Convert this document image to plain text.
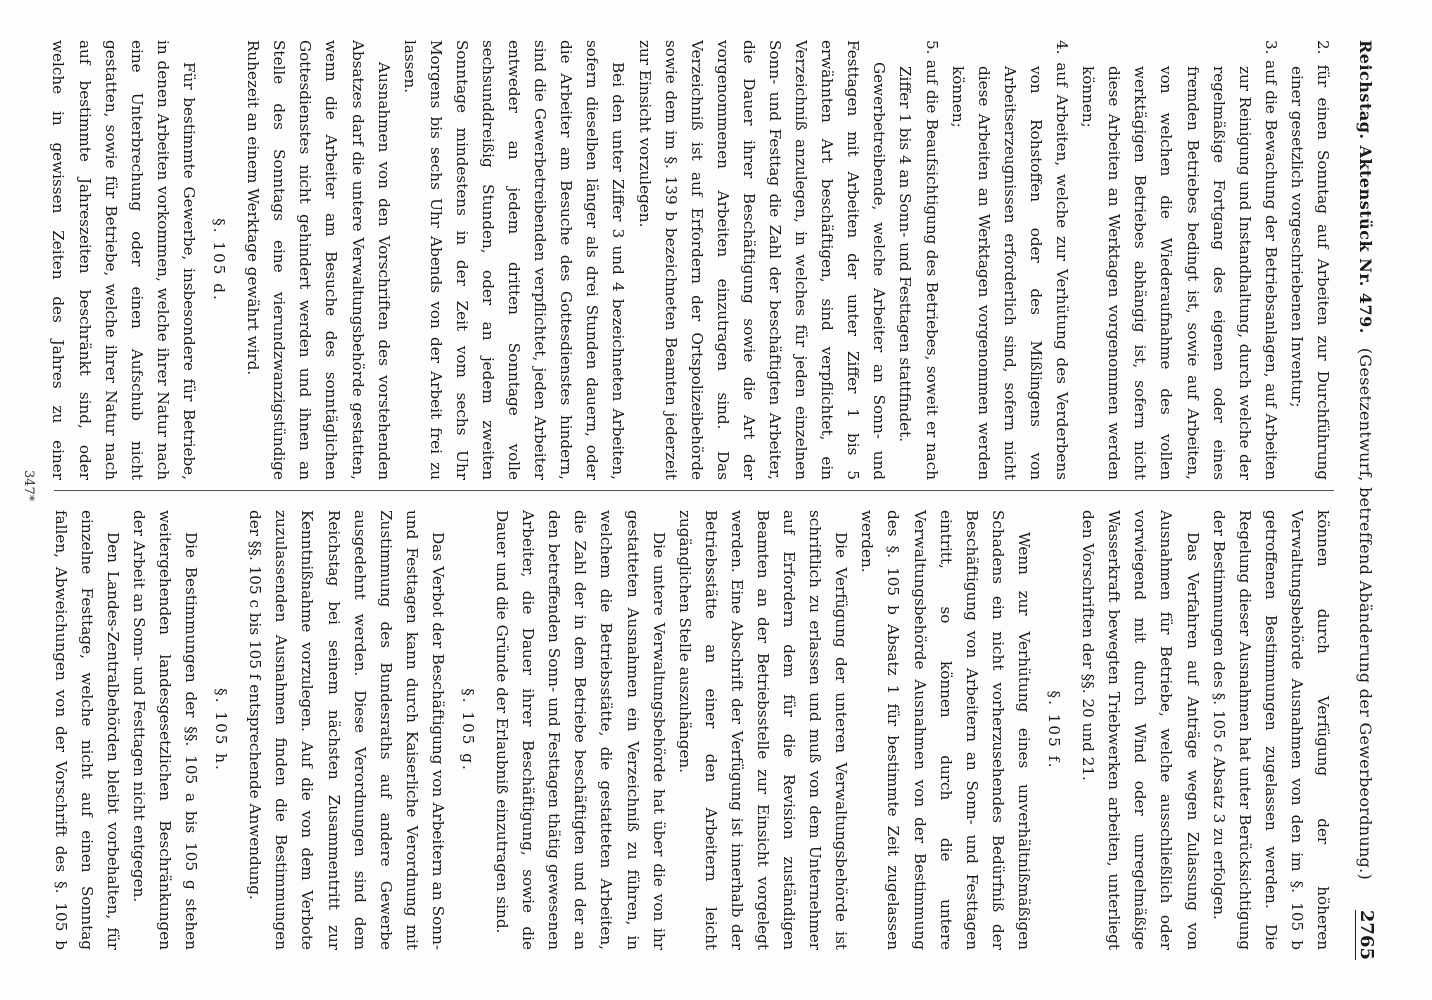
Reichstag. Aktenstück Nr. 479.
(Gesetzentwurf, betreffend Abänderung der Gewerbeordnung.)
2765

2. für einen Sonntag auf Arbeiten zur Durchführung einer gesetzlich vorgeschriebenen Inventur;

3. auf die Bewachung der Betriebsanlagen, auf Arbeiten zur Reinigung und Instandhaltung, durch welche der regelmäßige Fortgang des eigenen oder eines fremden Betriebes bedingt ist, sowie auf Arbeiten, von welchen die Wiederaufnahme des vollen werktägigen Betriebes abhängig ist, sofern nicht diese Arbeiten an Werktagen vorgenommen werden können;

4. auf Arbeiten, welche zur Verhütung des Verderbens von Rohstoffen oder des Mißlingens von Arbeitserzeugnissen erforderlich sind, sofern nicht diese Arbeiten an Werktagen vorgenommen werden können;

5. auf die Beaufsichtigung des Betriebes, soweit er nach Ziffer 1 bis 4 an Sonn- und Festtagen stattfindet.

Gewerbetreibende, welche Arbeiter an Sonn- und Festtagen mit Arbeiten der unter Ziffer 1 bis 5 erwähnten Art beschäftigen, sind verpflichtet, ein Verzeichniß anzulegen, in welches für jeden einzelnen Sonn- und Festtag die Zahl der beschäftigten Arbeiter, die Dauer ihrer Beschäftigung sowie die Art der vorgenommenen Arbeiten einzutragen sind. Das Verzeichniß ist auf Erfordern der Ortspolizeibehörde sowie dem im §. 139 b bezeichneten Beamten jederzeit zur Einsicht vorzulegen.

Bei den unter Ziffer 3 und 4 bezeichneten Arbeiten, sofern dieselben länger als drei Stunden dauern, oder die Arbeiter am Besuche des Gottesdienstes hindern, sind die Gewerbetreibenden verpflichtet, jeden Arbeiter entweder an jedem dritten Sonntage volle sechsunddreißig Stunden, oder an jedem zweiten Sonntage mindestens in der Zeit vom sechs Uhr Morgens bis sechs Uhr Abends von der Arbeit frei zu lassen.

Ausnahmen von den Vorschriften des vorstehenden Absatzes darf die untere Verwaltungsbehörde gestatten, wenn die Arbeiter am Besuche des sonntäglichen Gottesdienstes nicht gehindert werden und ihnen an Stelle des Sonntags eine vierundzwanzigstündige Ruhezeit an einem Werktage gewährt wird.

§. 105 d.

Für bestimmte Gewerbe, insbesondere für Betriebe, in denen Arbeiten vorkommen, welche ihrer Natur nach eine Unterbrechung oder einen Aufschub nicht gestatten, sowie für Betriebe, welche ihrer Natur nach auf bestimmte Jahreszeiten beschränkt sind, oder welche in gewissen Zeiten des Jahres zu einer

können durch Verfügung der höheren Verwaltungsbehörde Ausnahmen von den im §. 105 b getroffenen Bestimmungen zugelassen werden. Die Regelung dieser Ausnahmen hat unter Berücksichtigung der Bestimmungen des §. 105 c Absatz 3 zu erfolgen.

Das Verfahren auf Anträge wegen Zulassung von Ausnahmen für Betriebe, welche ausschließlich oder vorwiegend mit durch Wind oder unregelmäßige Wasserkraft bewegten Triebwerken arbeiten, unterliegt den Vorschriften der §§. 20 und 21.

§. 105 f.

Wenn zur Verhütung eines unverhältnißmäßigen Schadens ein nicht vorherzusehendes Bedürfniß der Beschäftigung von Arbeitern an Sonn- und Festtagen eintritt, so können durch die untere Verwaltungsbehörde Ausnahmen von der Bestimmung des §. 105 b Absatz 1 für bestimmte Zeit zugelassen werden.

Die Verfügung der unteren Verwaltungsbehörde ist schriftlich zu erlassen und muß von dem Unternehmer auf Erfordern dem für die Revision zuständigen Beamten an der Betriebsstelle zur Einsicht vorgelegt werden. Eine Abschrift der Verfügung ist innerhalb der Betriebsstätte an einer den Arbeitern leicht zugänglichen Stelle auszuhängen.

Die untere Verwaltungsbehörde hat über die von ihr gestatteten Ausnahmen ein Verzeichniß zu führen, in welchem die Betriebsstätte, die gestatteten Arbeiten, die Zahl der in dem Betriebe beschäftigten und der an den betreffenden Sonn- und Festtagen thätig gewesenen Arbeiter, die Dauer ihrer Beschäftigung, sowie die Dauer und die Gründe der Erlaubniß einzutragen sind.

§. 105 g.

Das Verbot der Beschäftigung von Arbeitern an Sonn- und Festtagen kann durch Kaiserliche Verordnung mit Zustimmung des Bundesraths auf andere Gewerbe ausgedehnt werden. Diese Verordnungen sind dem Reichstag bei seinem nächsten Zusammentritt zur Kenntnißnahme vorzulegen. Auf die von dem Verbote zuzulassenden Ausnahmen finden die Bestimmungen der §§. 105 c bis 105 f entsprechende Anwendung.

§. 105 h.

Die Bestimmungen der §§. 105 a bis 105 g stehen weitergehenden landesgesetzlichen Beschränkungen der Arbeit an Sonn- und Festtagen nicht entgegen.

Den Landes-Zentralbehörden bleibt vorbehalten, für einzelne Festtage, welche nicht auf einen Sonntag fallen, Abweichungen von der Vorschrift des §. 105 b

347*
